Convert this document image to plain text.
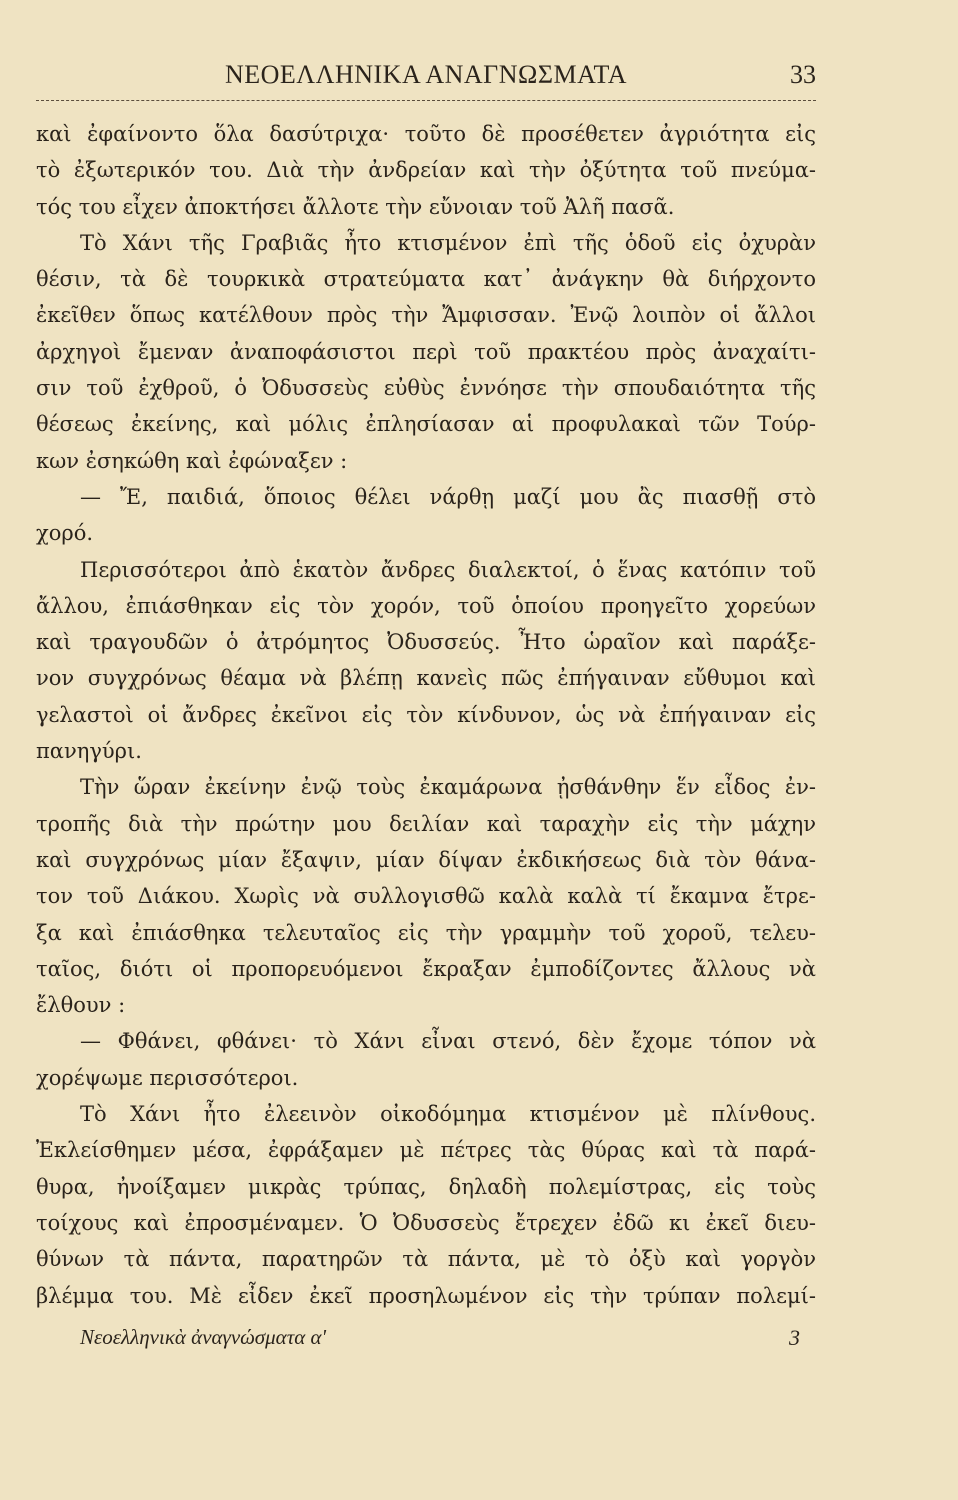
ΝΕΟΕΛΛΗΝΙΚΑ ΑΝΑΓΝΩΣΜΑΤΑ	33
καὶ ἐφαίνοντο ὅλα δασύτριχα· τοῦτο δὲ προσέθετεν ἀγριότητα εἰς
τὸ ἐξωτερικόν του. Διὰ τὴν ἀνδρείαν καὶ τὴν ὀξύτητα τοῦ πνεύμα-
τός του εἶχεν ἀποκτήσει ἄλλοτε τὴν εὔνοιαν τοῦ Ἀλῆ πασᾶ.
Τὸ Χάνι τῆς Γραβιᾶς ἦτο κτισμένον ἐπὶ τῆς ὁδοῦ εἰς ὀχυρὰν
θέσιν, τὰ δὲ τουρκικὰ στρατεύματα κατ᾽ ἀνάγκην θὰ διήρχοντο
ἐκεῖθεν ὅπως κατέλθουν πρὸς τὴν Ἄμφισσαν. Ἐνῷ λοιπὸν οἱ ἄλλοι
ἀρχηγοὶ ἔμεναν ἀναποφάσιστοι περὶ τοῦ πρακτέου πρὸς ἀναχαίτι-
σιν τοῦ ἐχθροῦ, ὁ Ὀδυσσεὺς εὐθὺς ἐννόησε τὴν σπουδαιότητα τῆς
θέσεως ἐκείνης, καὶ μόλις ἐπλησίασαν αἱ προφυλακαὶ τῶν Τούρ-
κων ἐσηκώθη καὶ ἐφώναξεν :
— Ἔ, παιδιά, ὅποιος θέλει νάρθῃ μαζί μου ἂς πιασθῇ στὸ
χορό.
Περισσότεροι ἀπὸ ἑκατὸν ἄνδρες διαλεκτοί, ὁ ἕνας κατόπιν τοῦ
ἄλλου, ἐπιάσθηκαν εἰς τὸν χορόν, τοῦ ὁποίου προηγεῖτο χορεύων
καὶ τραγουδῶν ὁ ἀτρόμητος Ὀδυσσεύς. Ἦτο ὡραῖον καὶ παράξε-
νον συγχρόνως θέαμα νὰ βλέπῃ κανεὶς πῶς ἐπήγαιναν εὔθυμοι καὶ
γελαστοὶ οἱ ἄνδρες ἐκεῖνοι εἰς τὸν κίνδυνον, ὡς νὰ ἐπήγαιναν εἰς
πανηγύρι.
Τὴν ὥραν ἐκείνην ἐνῷ τοὺς ἐκαμάρωνα ᾐσθάνθην ἕν εἶδος ἐν-
τροπῆς διὰ τὴν πρώτην μου δειλίαν καὶ ταραχὴν εἰς τὴν μάχην
καὶ συγχρόνως μίαν ἔξαψιν, μίαν δίψαν ἐκδικήσεως διὰ τὸν θάνα-
τον τοῦ Διάκου. Χωρὶς νὰ συλλογισθῶ καλὰ καλὰ τί ἔκαμνα ἔτρε-
ξα καὶ ἐπιάσθηκα τελευταῖος εἰς τὴν γραμμὴν τοῦ χοροῦ, τελευ-
ταῖος, διότι οἱ προπορευόμενοι ἔκραξαν ἐμποδίζοντες ἄλλους νὰ
ἔλθουν :
— Φθάνει, φθάνει· τὸ Χάνι εἶναι στενό, δὲν ἔχομε τόπον νὰ
χορέψωμε περισσότεροι.
Τὸ Χάνι ἦτο ἐλεεινὸν οἰκοδόμημα κτισμένον μὲ πλίνθους.
Ἐκλείσθημεν μέσα, ἐφράξαμεν μὲ πέτρες τὰς θύρας καὶ τὰ παρά-
θυρα, ἠνοίξαμεν μικρὰς τρύπας, δηλαδὴ πολεμίστρας, εἰς τοὺς
τοίχους καὶ ἐπροσμέναμεν. Ὁ Ὀδυσσεὺς ἔτρεχεν ἐδῶ κι ἐκεῖ διευ-
θύνων τὰ πάντα, παρατηρῶν τὰ πάντα, μὲ τὸ ὀξὺ καὶ γοργὸν
βλέμμα του. Μὲ εἶδεν ἐκεῖ προσηλωμένον εἰς τὴν τρύπαν πολεμί-
Νεοελληνικὰ ἀναγνώσματα α'	3
